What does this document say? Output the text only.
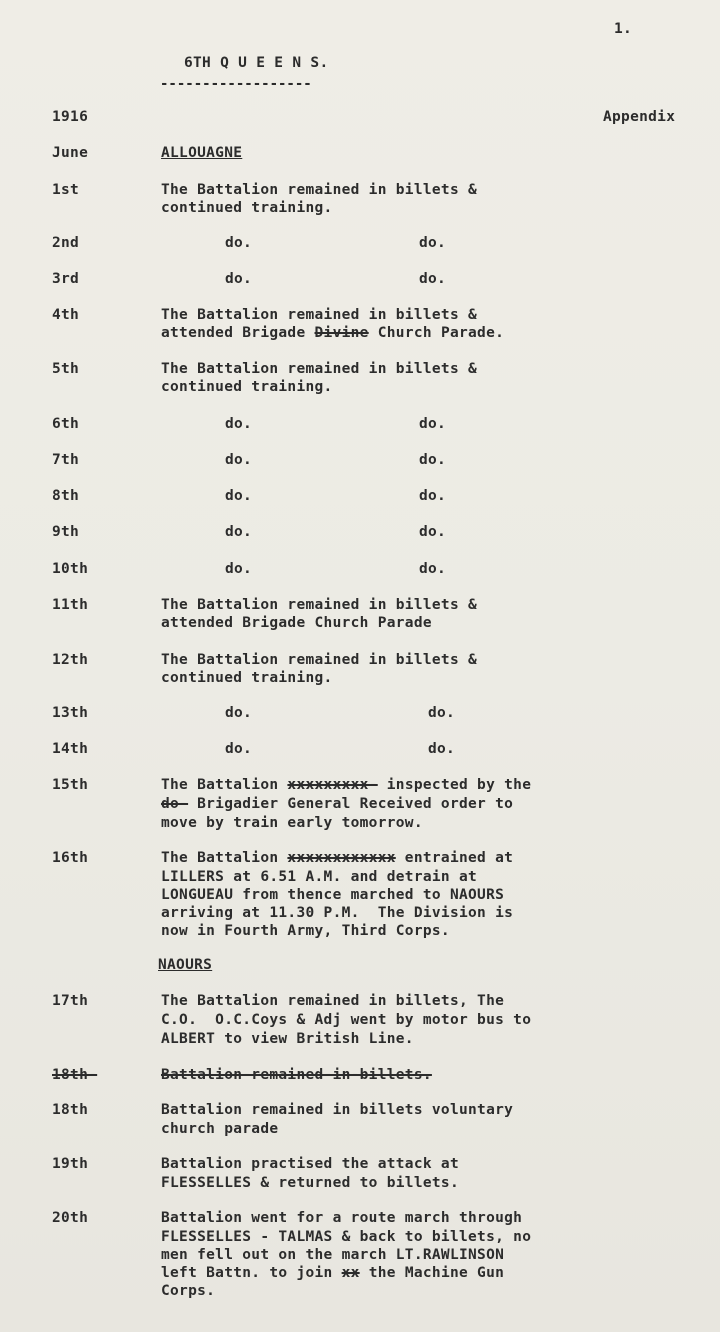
1.
6TH Q U E E N S.
------------------
1916	Appendix
June	ALLOUAGNE
1st	The Battalion remained in billets &
continued training.
2nd	do.	do.
3rd	do.	do.
4th	The Battalion remained in billets &
attended Brigade Divine Church Parade.
5th	The Battalion remained in billets &
continued training.
6th	do.	do.
7th	do.	do.
8th	do.	do.
9th	do.	do.
10th	do.	do.
11th	The Battalion remained in billets &
attended Brigade Church Parade
12th	The Battalion remained in billets &
continued training.
13th	do.	do.
14th	do.	do.
15th	The Battalion xxxxxxxxx- inspected by the
do- Brigadier General Received order to
move by train early tomorrow.
16th	The Battalion xxxxxxxxxxxx entrained at
LILLERS at 6.51 A.M. and detrain at
LONGUEAU from thence marched to NAOURS
arriving at 11.30 P.M.  The Division is
now in Fourth Army, Third Corps.
NAOURS
17th	The Battalion remained in billets, The
C.O.  O.C.Coys & Adj went by motor bus to
ALBERT to view British Line.
18th-	Battalion-remained-in-billets.
18th	Battalion remained in billets voluntary
church parade
19th	Battalion practised the attack at
FLESSELLES & returned to billets.
20th	Battalion went for a route march through
FLESSELLES - TALMAS & back to billets, no
men fell out on the march LT.RAWLINSON
left Battn. to join xx the Machine Gun
Corps.
